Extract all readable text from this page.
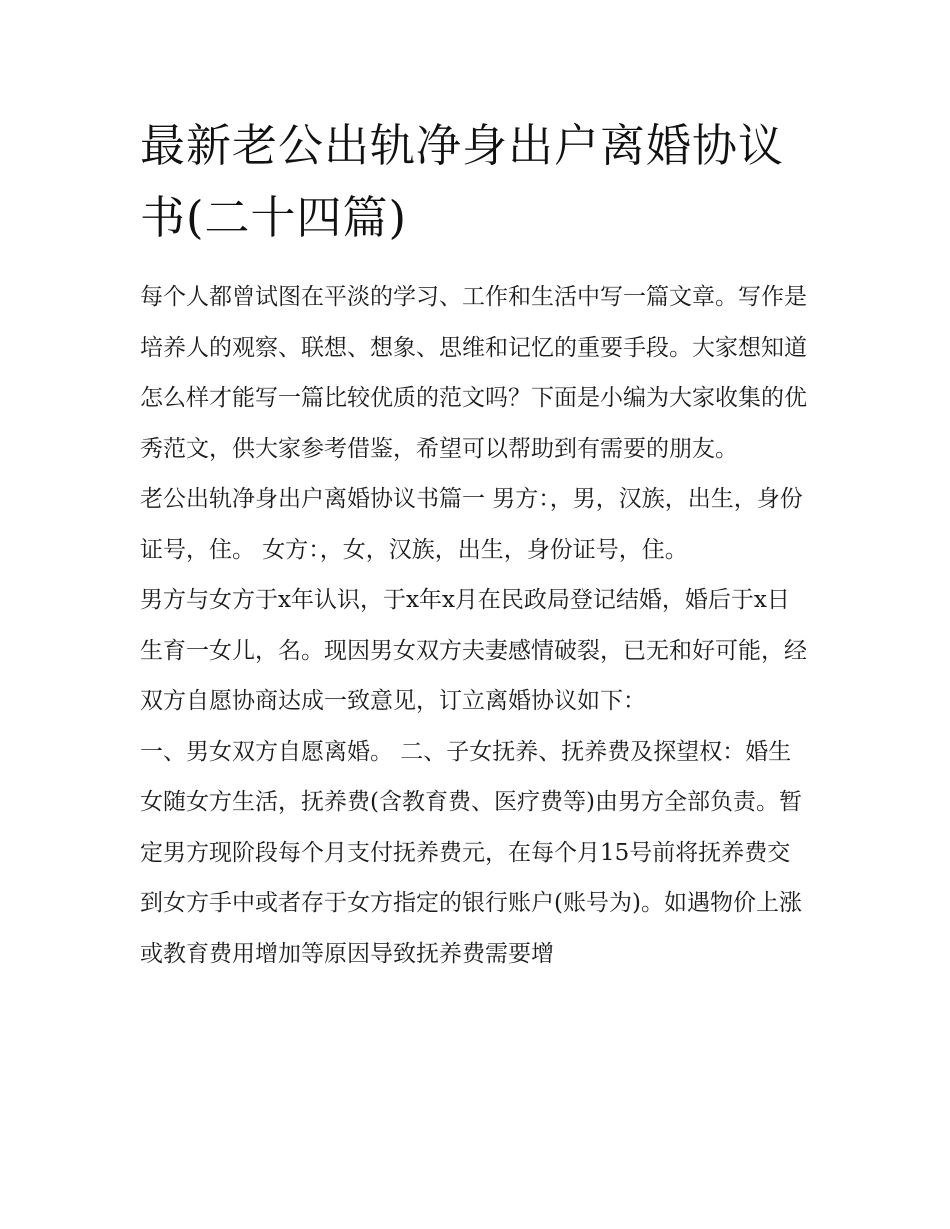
最新老公出轨净身出户离婚协议书(二十四篇)

每个人都曾试图在平淡的学习、工作和生活中写一篇文章。写作是培养人的观察、联想、想象、思维和记忆的重要手段。大家想知道怎么样才能写一篇比较优质的范文吗？下面是小编为大家收集的优秀范文，供大家参考借鉴，希望可以帮助到有需要的朋友。

老公出轨净身出户离婚协议书篇一 男方：，男，汉族，出生，身份证号，住。 女方：，女，汉族，出生，身份证号，住。

男方与女方于x年认识，于x年x月在民政局登记结婚，婚后于x日生育一女儿，名。现因男女双方夫妻感情破裂，已无和好可能，经双方自愿协商达成一致意见，订立离婚协议如下：

一、男女双方自愿离婚。 二、子女抚养、抚养费及探望权：婚生女随女方生活，抚养费(含教育费、医疗费等)由男方全部负责。暂定男方现阶段每个月支付抚养费元，在每个月15号前将抚养费交到女方手中或者存于女方指定的银行账户(账号为)。如遇物价上涨或教育费用增加等原因导致抚养费需要增
